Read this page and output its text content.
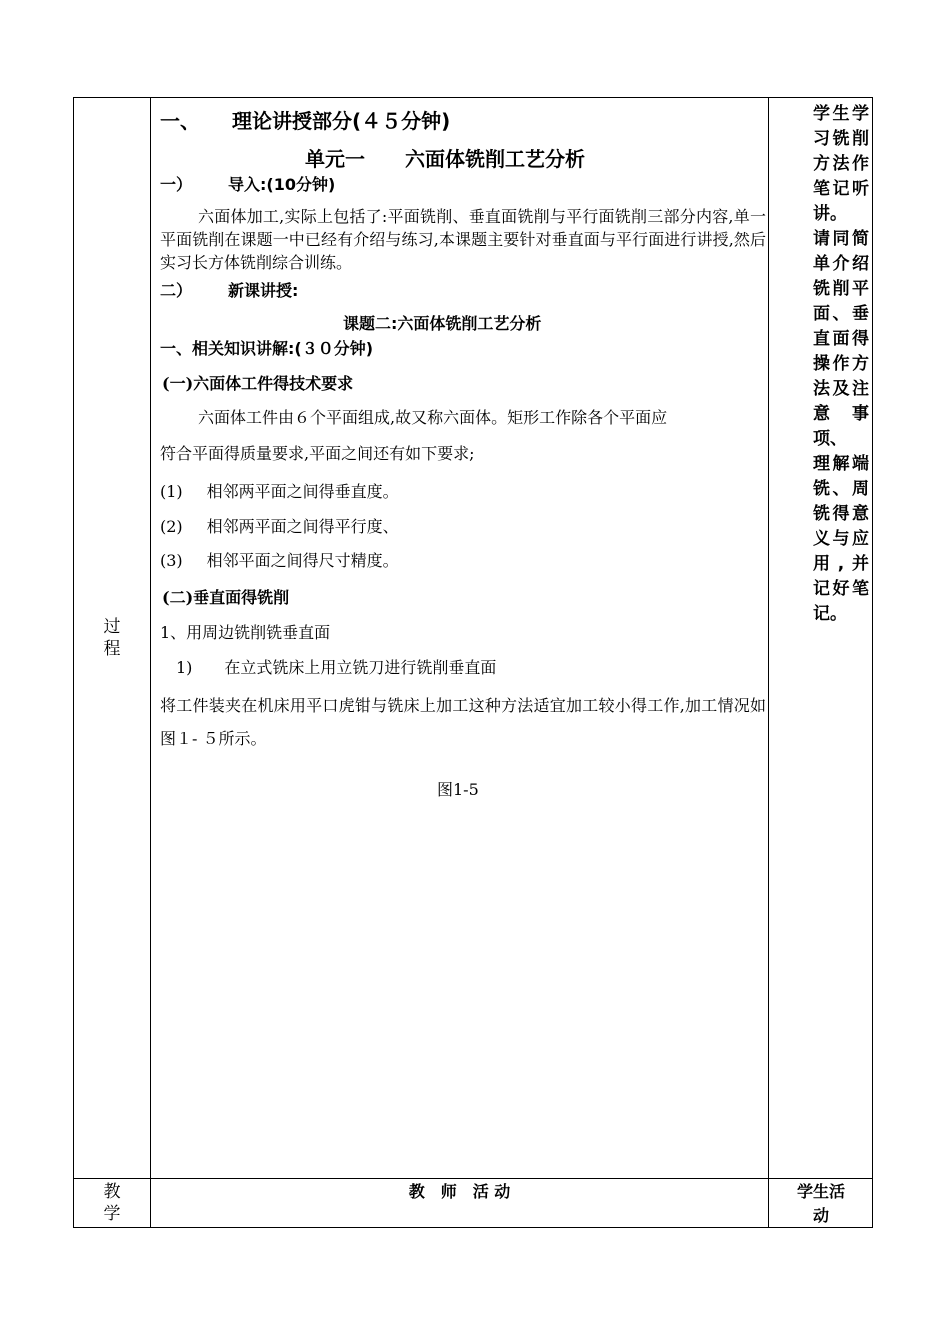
过
程
一、 理论讲授部分(４５分钟)
单元一　　六面体铣削工艺分析
一） 导入:(10分钟)
六面体加工,实际上包括了:平面铣削、垂直面铣削与平行面铣削三部分内容,单一平面铣削在课题一中已经有介绍与练习,本课题主要针对垂直面与平行面进行讲授,然后实习长方体铣削综合训练。
二） 新课讲授:
课题二:六面体铣削工艺分析
一、相关知识讲解:(３０分钟)
(一)六面体工件得技术要求
六面体工件由６个平面组成,故又称六面体。矩形工作除各个平面应
符合平面得质量要求,平面之间还有如下要求;
(1) 相邻两平面之间得垂直度。
(2) 相邻两平面之间得平行度、
(3) 相邻平面之间得尺寸精度。
(二)垂直面得铣削
1、用周边铣削铣垂直面
1) 在立式铣床上用立铣刀进行铣削垂直面
将工件装夹在机床用平口虎钳与铣床上加工这种方法适宜加工较小得工作,加工情况如图１- ５所示。
图1-5
学生学习铣削方法作笔记听讲。
请同简单介绍铣削平面、垂直面得操作方法及注意事项、
理解端铣、周铣得意义与应用,并记好笔记。
教
学
教　师　活 动	学生活
动
